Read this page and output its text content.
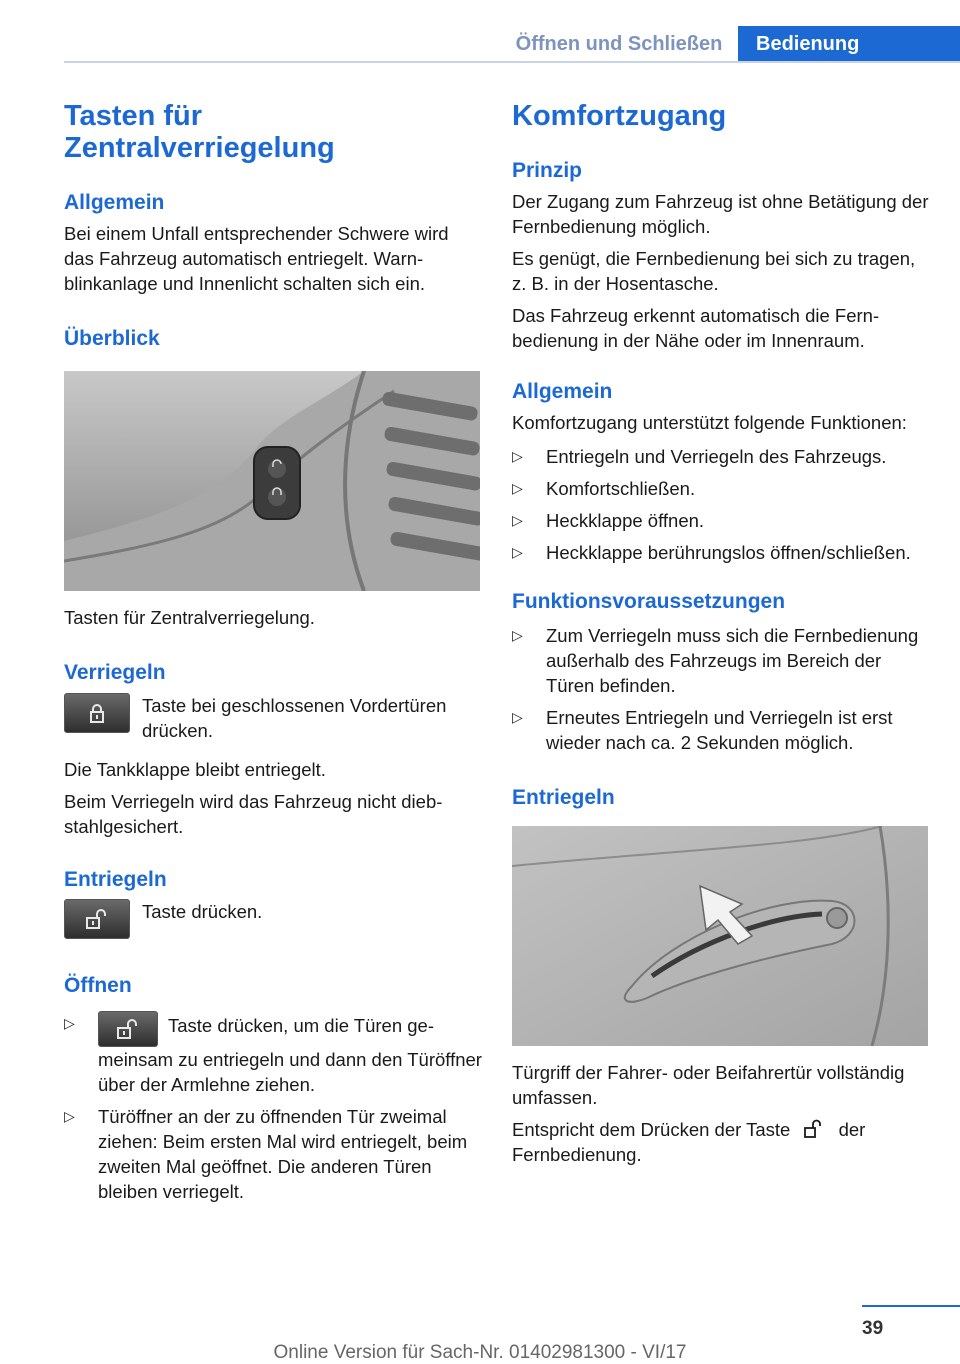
Öffnen und Schließen	Bedienung
Tasten für Zentralverriegelung
Allgemein

Bei einem Unfall entsprechender Schwere wird das Fahrzeug automatisch entriegelt. Warnblinkanlage und Innenlicht schalten sich ein.

Überblick

Tasten für Zentralverriegelung.

Verriegeln

Taste bei geschlossenen Vordertüren drücken.

Die Tankklappe bleibt entriegelt.

Beim Verriegeln wird das Fahrzeug nicht diebstahlgesichert.

Entriegeln

Taste drücken.

Öffnen
▷	Taste drücken, um die Türen gemeinsam zu entriegeln und dann den Türöffner über der Armlehne ziehen.
▷	Türöffner an der zu öffnenden Tür zweimal ziehen: Beim ersten Mal wird entriegelt, beim zweiten Mal geöffnet. Die anderen Türen bleiben verriegelt.
Komfortzugang
Prinzip

Der Zugang zum Fahrzeug ist ohne Betätigung der Fernbedienung möglich.

Es genügt, die Fernbedienung bei sich zu tragen, z. B. in der Hosentasche.

Das Fahrzeug erkennt automatisch die Fernbedienung in der Nähe oder im Innenraum.

Allgemein

Komfortzugang unterstützt folgende Funktionen:

▷	Entriegeln und Verriegeln des Fahrzeugs.
▷	Komfortschließen.
▷	Heckklappe öffnen.
▷	Heckklappe berührungslos öffnen/schließen.
Funktionsvoraussetzungen
▷	Zum Verriegeln muss sich die Fernbedienung außerhalb des Fahrzeugs im Bereich der Türen befinden.
▷	Erneutes Entriegeln und Verriegeln ist erst wieder nach ca. 2 Sekunden möglich.
Entriegeln

Türgriff der Fahrer- oder Beifahrertür vollständig umfassen.

Entspricht dem Drücken der Taste	der Fernbedienung.

39
Online Version für Sach-Nr. 01402981300 - VI/17
